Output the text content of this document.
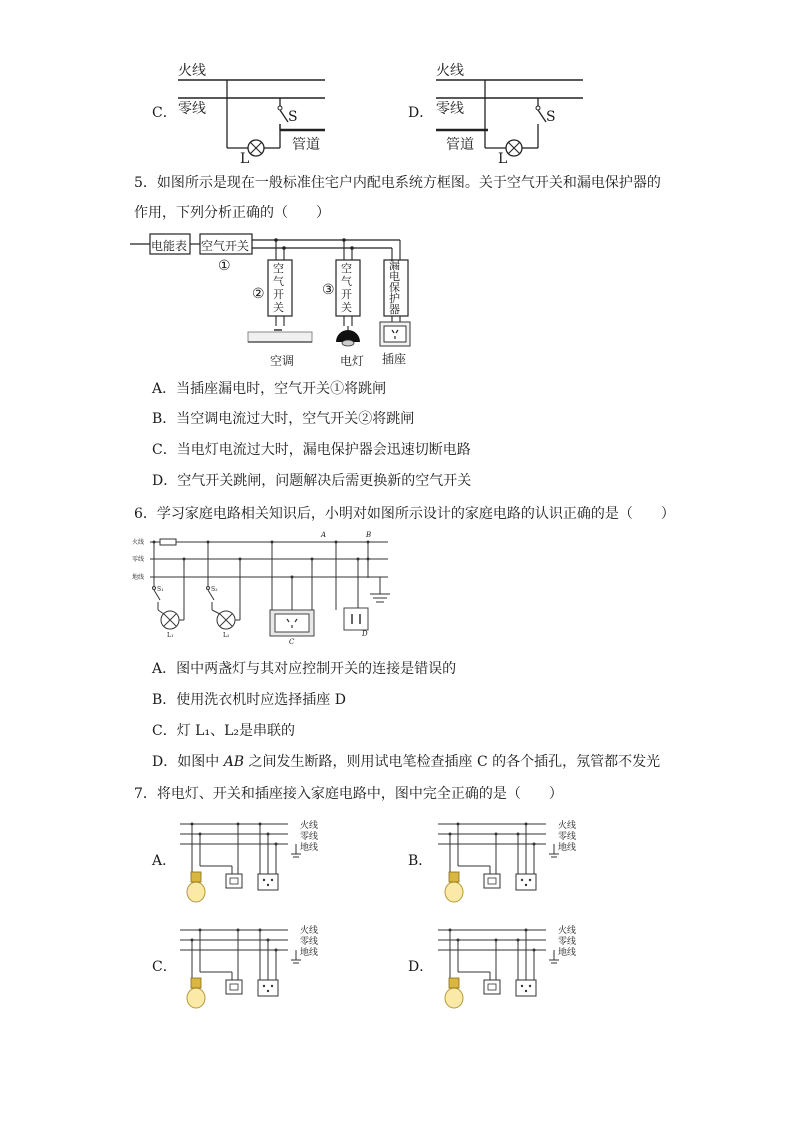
C．
火线
零线	S
L
管道
D．
火线
零线	S
L
管道
5．如图所示是现在一般标准住宅户内配电系统方框图。关于空气开关和漏电保护器的
作用，下列分析正确的（　　）
电能表 空气开关
①
②	③
空气开关
空气开关
漏电保护器
空调	电灯 插座
A．当插座漏电时，空气开关①将跳闸
B．当空调电流过大时，空气开关②将跳闸
C．当电灯电流过大时，漏电保护器会迅速切断电路
D．空气开关跳闸，问题解决后需更换新的空气开关
6．学习家庭电路相关知识后，小明对如图所示设计的家庭电路的认识正确的是（　　）
火线
零线
地线
A	B
S₁	S₂
L₁	L₂
C
D
A．图中两盏灯与其对应控制开关的连接是错误的
B．使用洗衣机时应选择插座 D
C．灯 L₁、L₂是串联的
D．如图中 AB 之间发生断路，则用试电笔检查插座 C 的各个插孔，氖管都不发光
7．将电灯、开关和插座接入家庭电路中，图中完全正确的是（　　）
A．
火线
零线
地线
B．
火线
零线
地线
C．
火线
零线
地线
D．
火线
零线
地线
